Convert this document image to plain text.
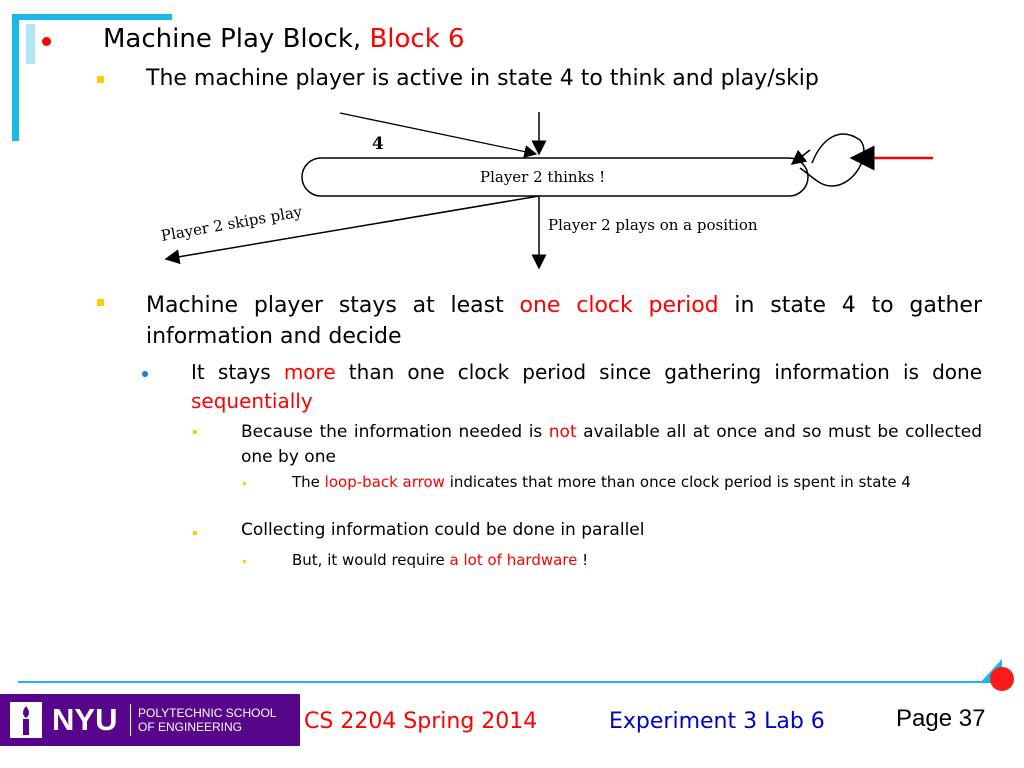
Machine Play Block, Block 6
The machine player is active in state 4 to think and play/skip
4
Player 2 thinks !
Player 2 skips play	Player 2 plays on a position
Machine player stays at least one clock period in state 4 to gather information and decide
It stays more than one clock period since gathering information is done sequentially
Because the information needed is not available all at once and so must be collected one by one
The loop-back arrow indicates that more than once clock period is spent in state 4
Collecting information could be done in parallel
But, it would require a lot of hardware !
NYU POLYTECHNIC SCHOOL
OF ENGINEERING	CS 2204 Spring 2014	Experiment 3 Lab 6	Page 37
